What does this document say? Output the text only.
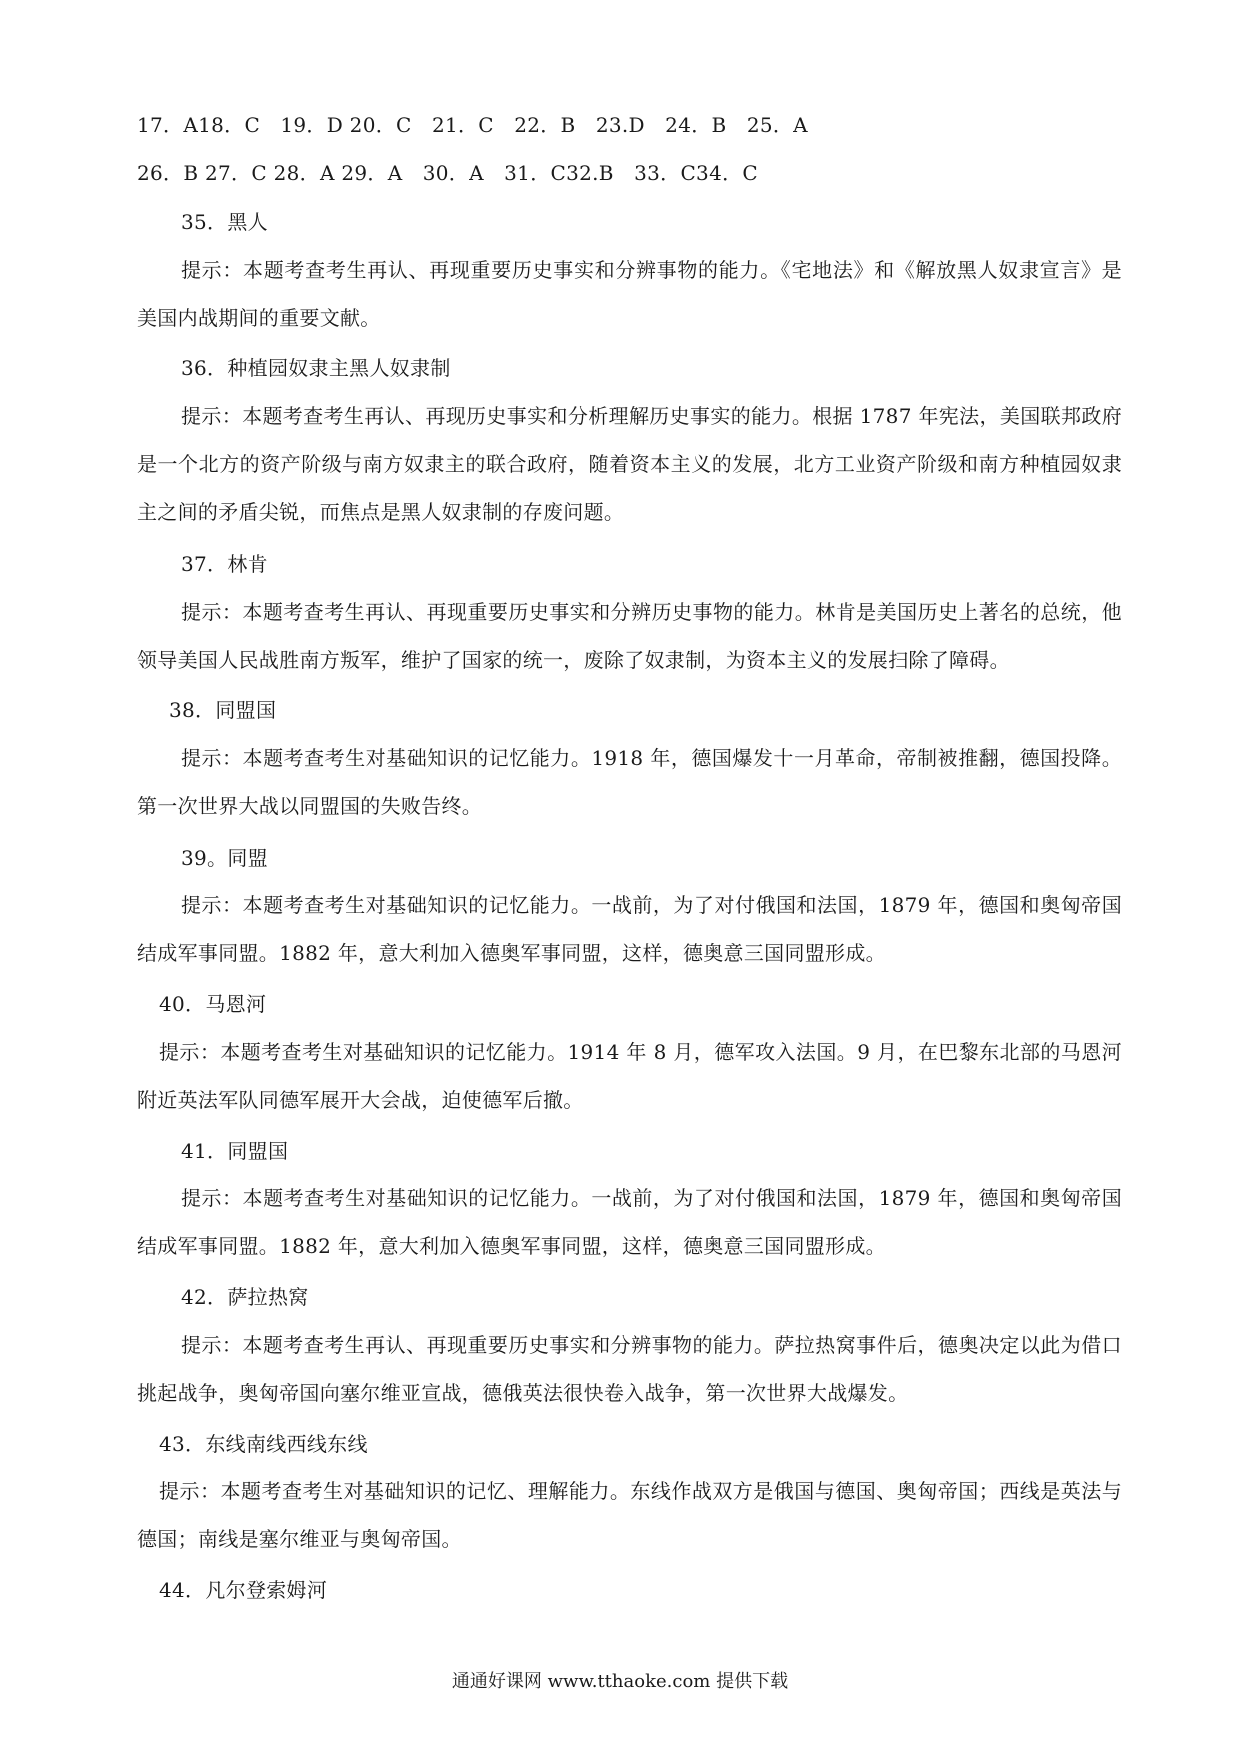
17．A18．C　19．D 20．C　21．C　22．B　23.D　24．B　25．A
26．B 27．C 28．A 29．A　30．A　31．C32.B　33．C34．C
35．黑人
提示：本题考查考生再认、再现重要历史事实和分辨事物的能力。《宅地法》和《解放黑人奴隶宣言》是美国内战期间的重要文献。
36．种植园奴隶主黑人奴隶制
提示：本题考查考生再认、再现历史事实和分析理解历史事实的能力。根据 1787 年宪法，美国联邦政府是一个北方的资产阶级与南方奴隶主的联合政府，随着资本主义的发展，北方工业资产阶级和南方种植园奴隶主之间的矛盾尖锐，而焦点是黑人奴隶制的存废问题。
37．林肯
提示：本题考查考生再认、再现重要历史事实和分辨历史事物的能力。林肯是美国历史上著名的总统，他领导美国人民战胜南方叛军，维护了国家的统一，废除了奴隶制，为资本主义的发展扫除了障碍。
38．同盟国
提示：本题考查考生对基础知识的记忆能力。1918 年，德国爆发十一月革命，帝制被推翻，德国投降。第一次世界大战以同盟国的失败告终。
39。同盟
提示：本题考查考生对基础知识的记忆能力。一战前，为了对付俄国和法国，1879 年，德国和奥匈帝国结成军事同盟。1882 年，意大利加入德奥军事同盟，这样，德奥意三国同盟形成。
40．马恩河
提示：本题考查考生对基础知识的记忆能力。1914 年 8 月，德军攻入法国。9 月，在巴黎东北部的马恩河附近英法军队同德军展开大会战，迫使德军后撤。
41．同盟国
提示：本题考查考生对基础知识的记忆能力。一战前，为了对付俄国和法国，1879 年，德国和奥匈帝国结成军事同盟。1882 年，意大利加入德奥军事同盟，这样，德奥意三国同盟形成。
42．萨拉热窝
提示：本题考查考生再认、再现重要历史事实和分辨事物的能力。萨拉热窝事件后，德奥决定以此为借口挑起战争，奥匈帝国向塞尔维亚宣战，德俄英法很快卷入战争，第一次世界大战爆发。
43．东线南线西线东线
提示：本题考查考生对基础知识的记忆、理解能力。东线作战双方是俄国与德国、奥匈帝国；西线是英法与德国；南线是塞尔维亚与奥匈帝国。
44．凡尔登索姆河
通通好课网 www.tthaoke.com 提供下载
